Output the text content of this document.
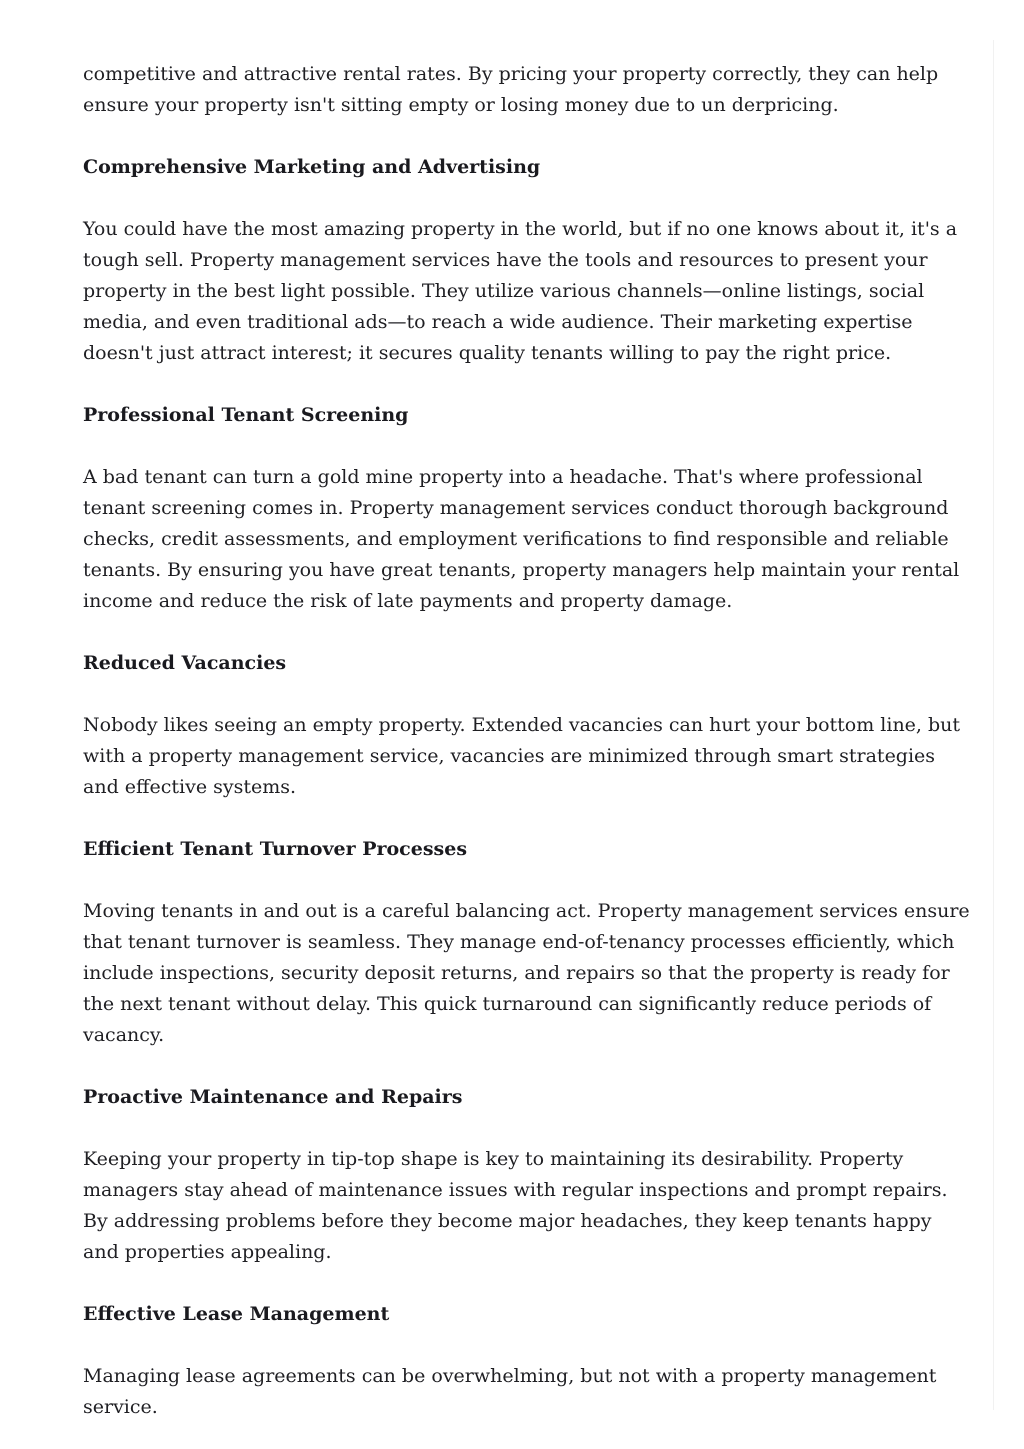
competitive and attractive rental rates. By pricing your property correctly, they can help ensure your property isn't sitting empty or losing money due to un derpricing.

Comprehensive Marketing and Advertising

You could have the most amazing property in the world, but if no one knows about it, it's a tough sell. Property management services have the tools and resources to present your property in the best light possible. They utilize various channels—online listings, social media, and even traditional ads—to reach a wide audience. Their marketing expertise doesn't just attract interest; it secures quality tenants willing to pay the right price.

Professional Tenant Screening

A bad tenant can turn a gold mine property into a headache. That's where professional tenant screening comes in. Property management services conduct thorough background checks, credit assessments, and employment verifications to find responsible and reliable tenants. By ensuring you have great tenants, property managers help maintain your rental income and reduce the risk of late payments and property damage.

Reduced Vacancies

Nobody likes seeing an empty property. Extended vacancies can hurt your bottom line, but with a property management service, vacancies are minimized through smart strategies and effective systems.

Efficient Tenant Turnover Processes

Moving tenants in and out is a careful balancing act. Property management services ensure that tenant turnover is seamless. They manage end-of-tenancy processes efficiently, which include inspections, security deposit returns, and repairs so that the property is ready for the next tenant without delay. This quick turnaround can significantly reduce periods of vacancy.

Proactive Maintenance and Repairs

Keeping your property in tip-top shape is key to maintaining its desirability. Property managers stay ahead of maintenance issues with regular inspections and prompt repairs. By addressing problems before they become major headaches, they keep tenants happy and properties appealing.

Effective Lease Management

Managing lease agreements can be overwhelming, but not with a property management service.
